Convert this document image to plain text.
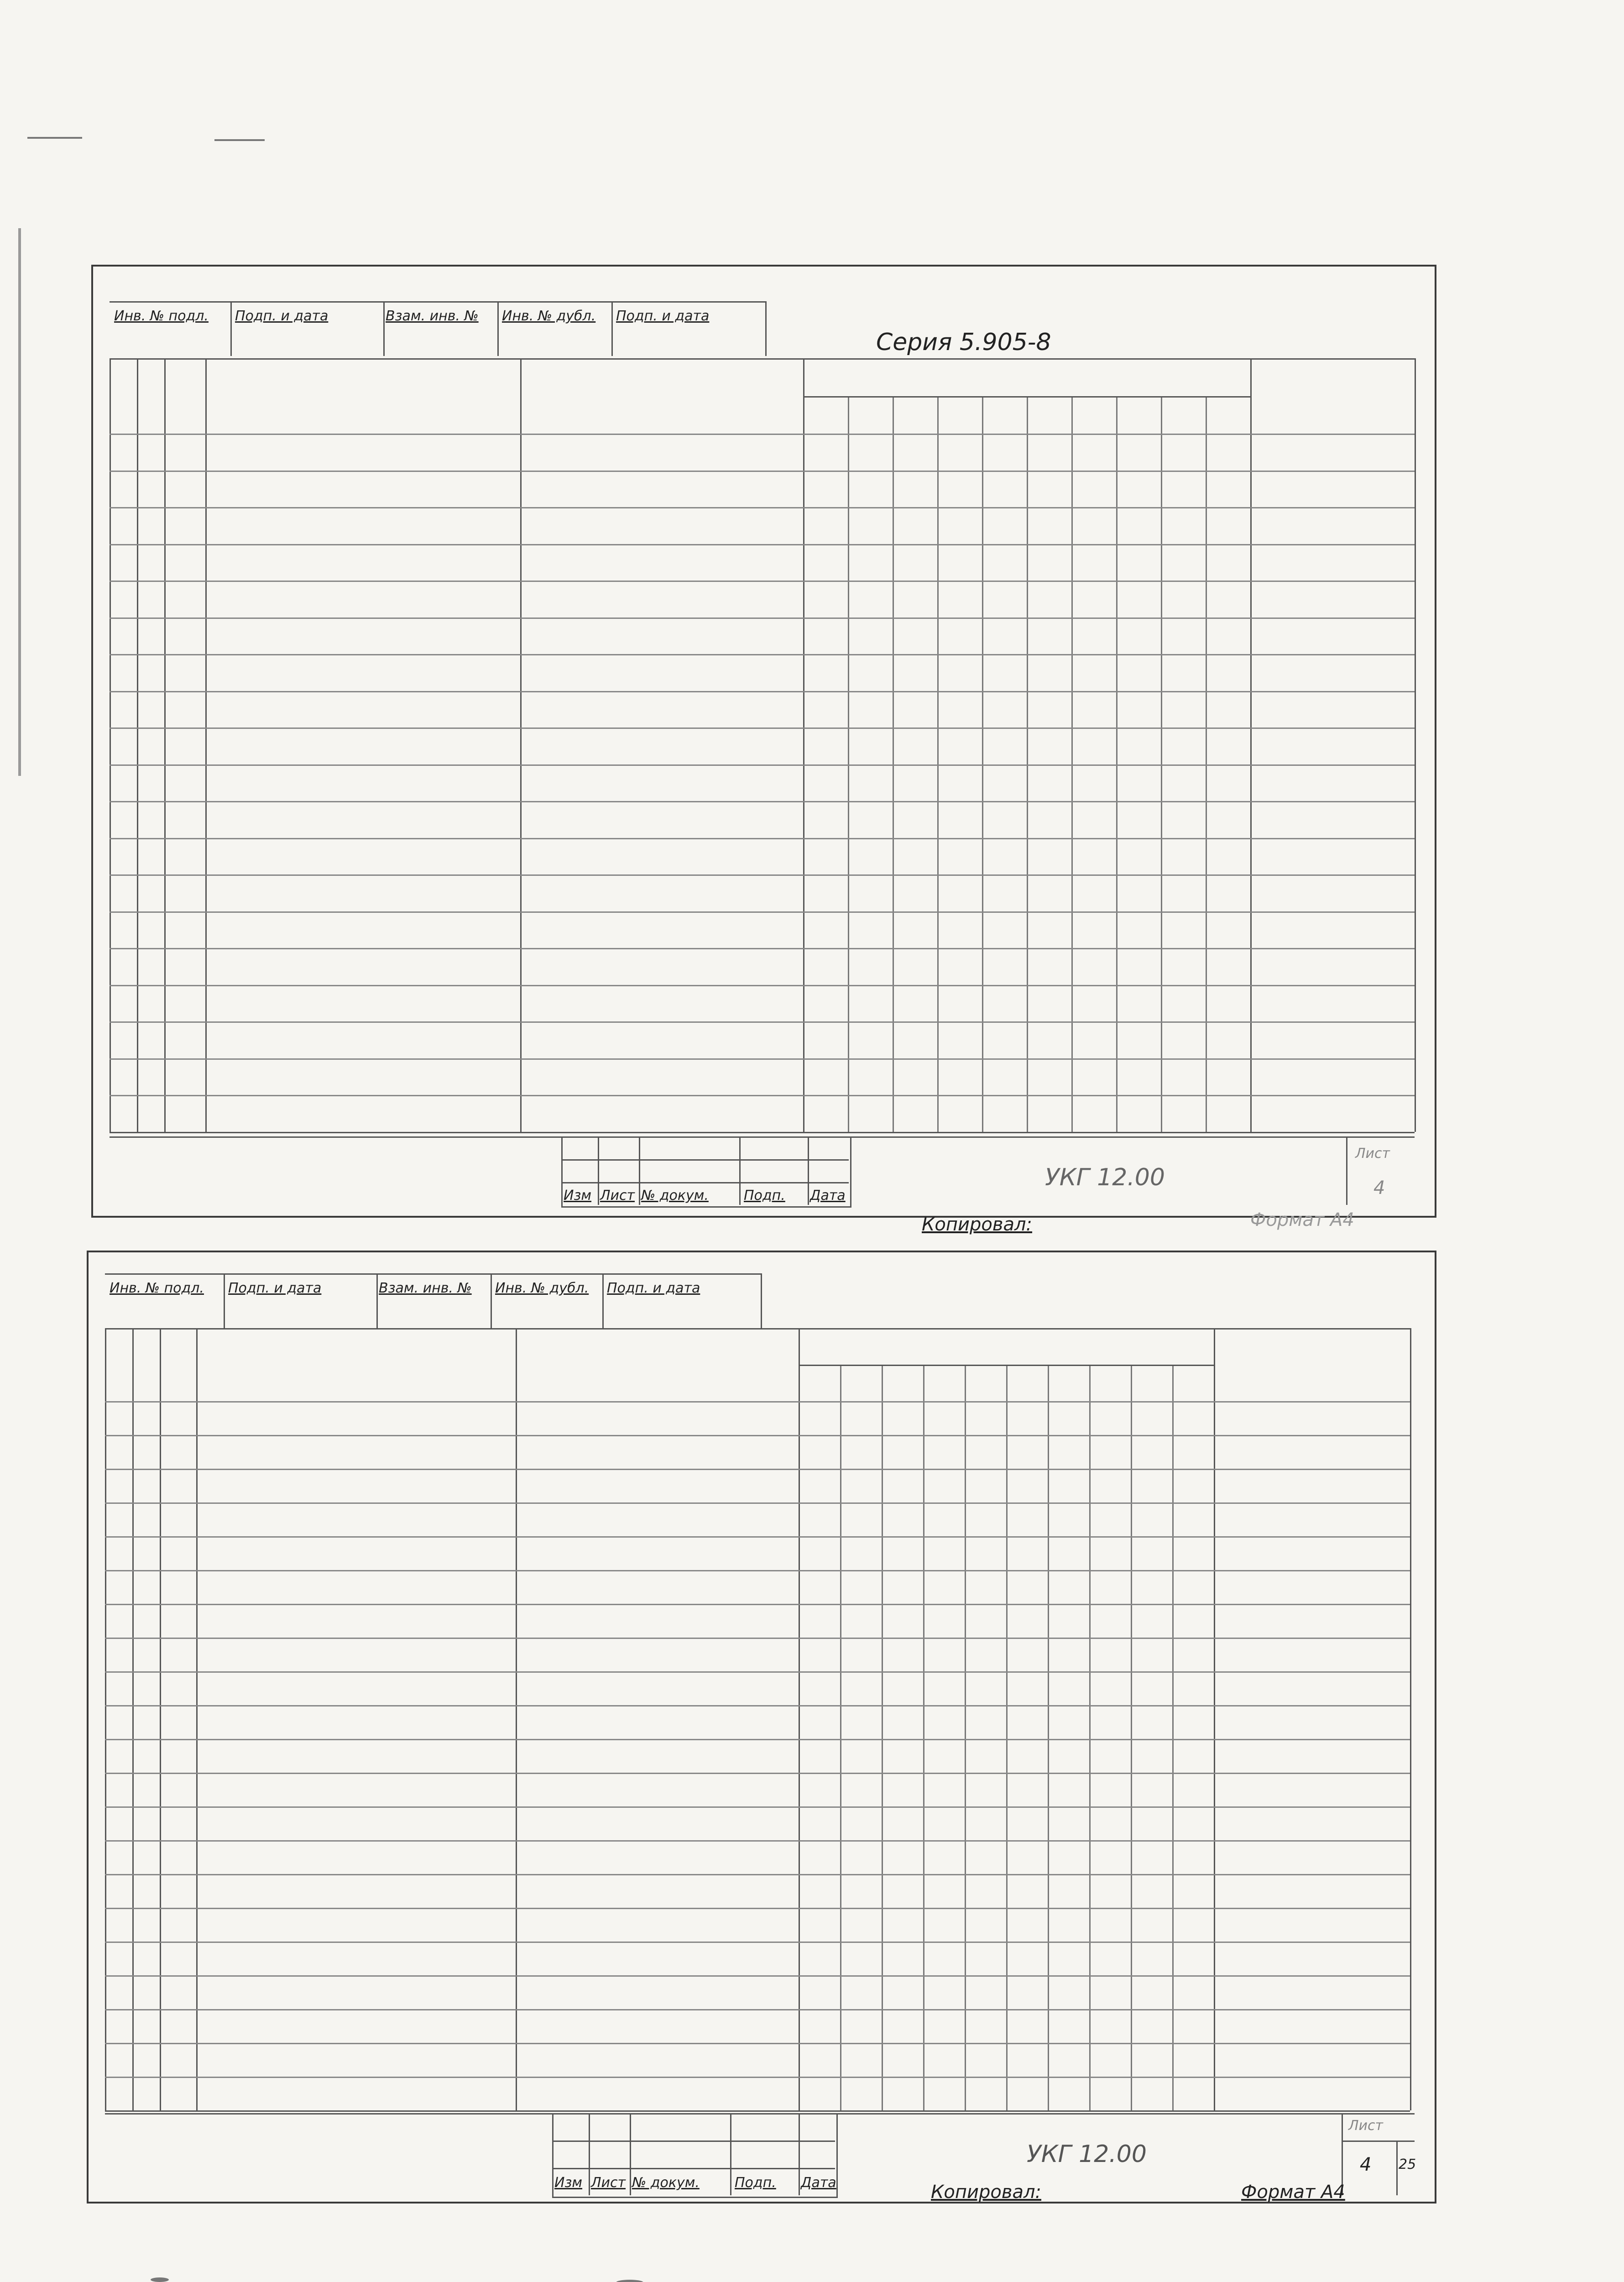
Инв. № подл. Подп. и дата	Взам. инв. № Инв. № дубл. Подп. и дата
Серия 5.905-8
Изм Лист № докум.	Подп. Дата
УКГ 12.00
Лист
4
Копировал:	Формат А4
Инв. № подл. Подп. и дата	Взам. инв. № Инв. № дубл. Подп. и дата
Изм Лист № докум.	Подп. Дата
УКГ 12.00
Лист
4 25
Копировал:	Формат А4
